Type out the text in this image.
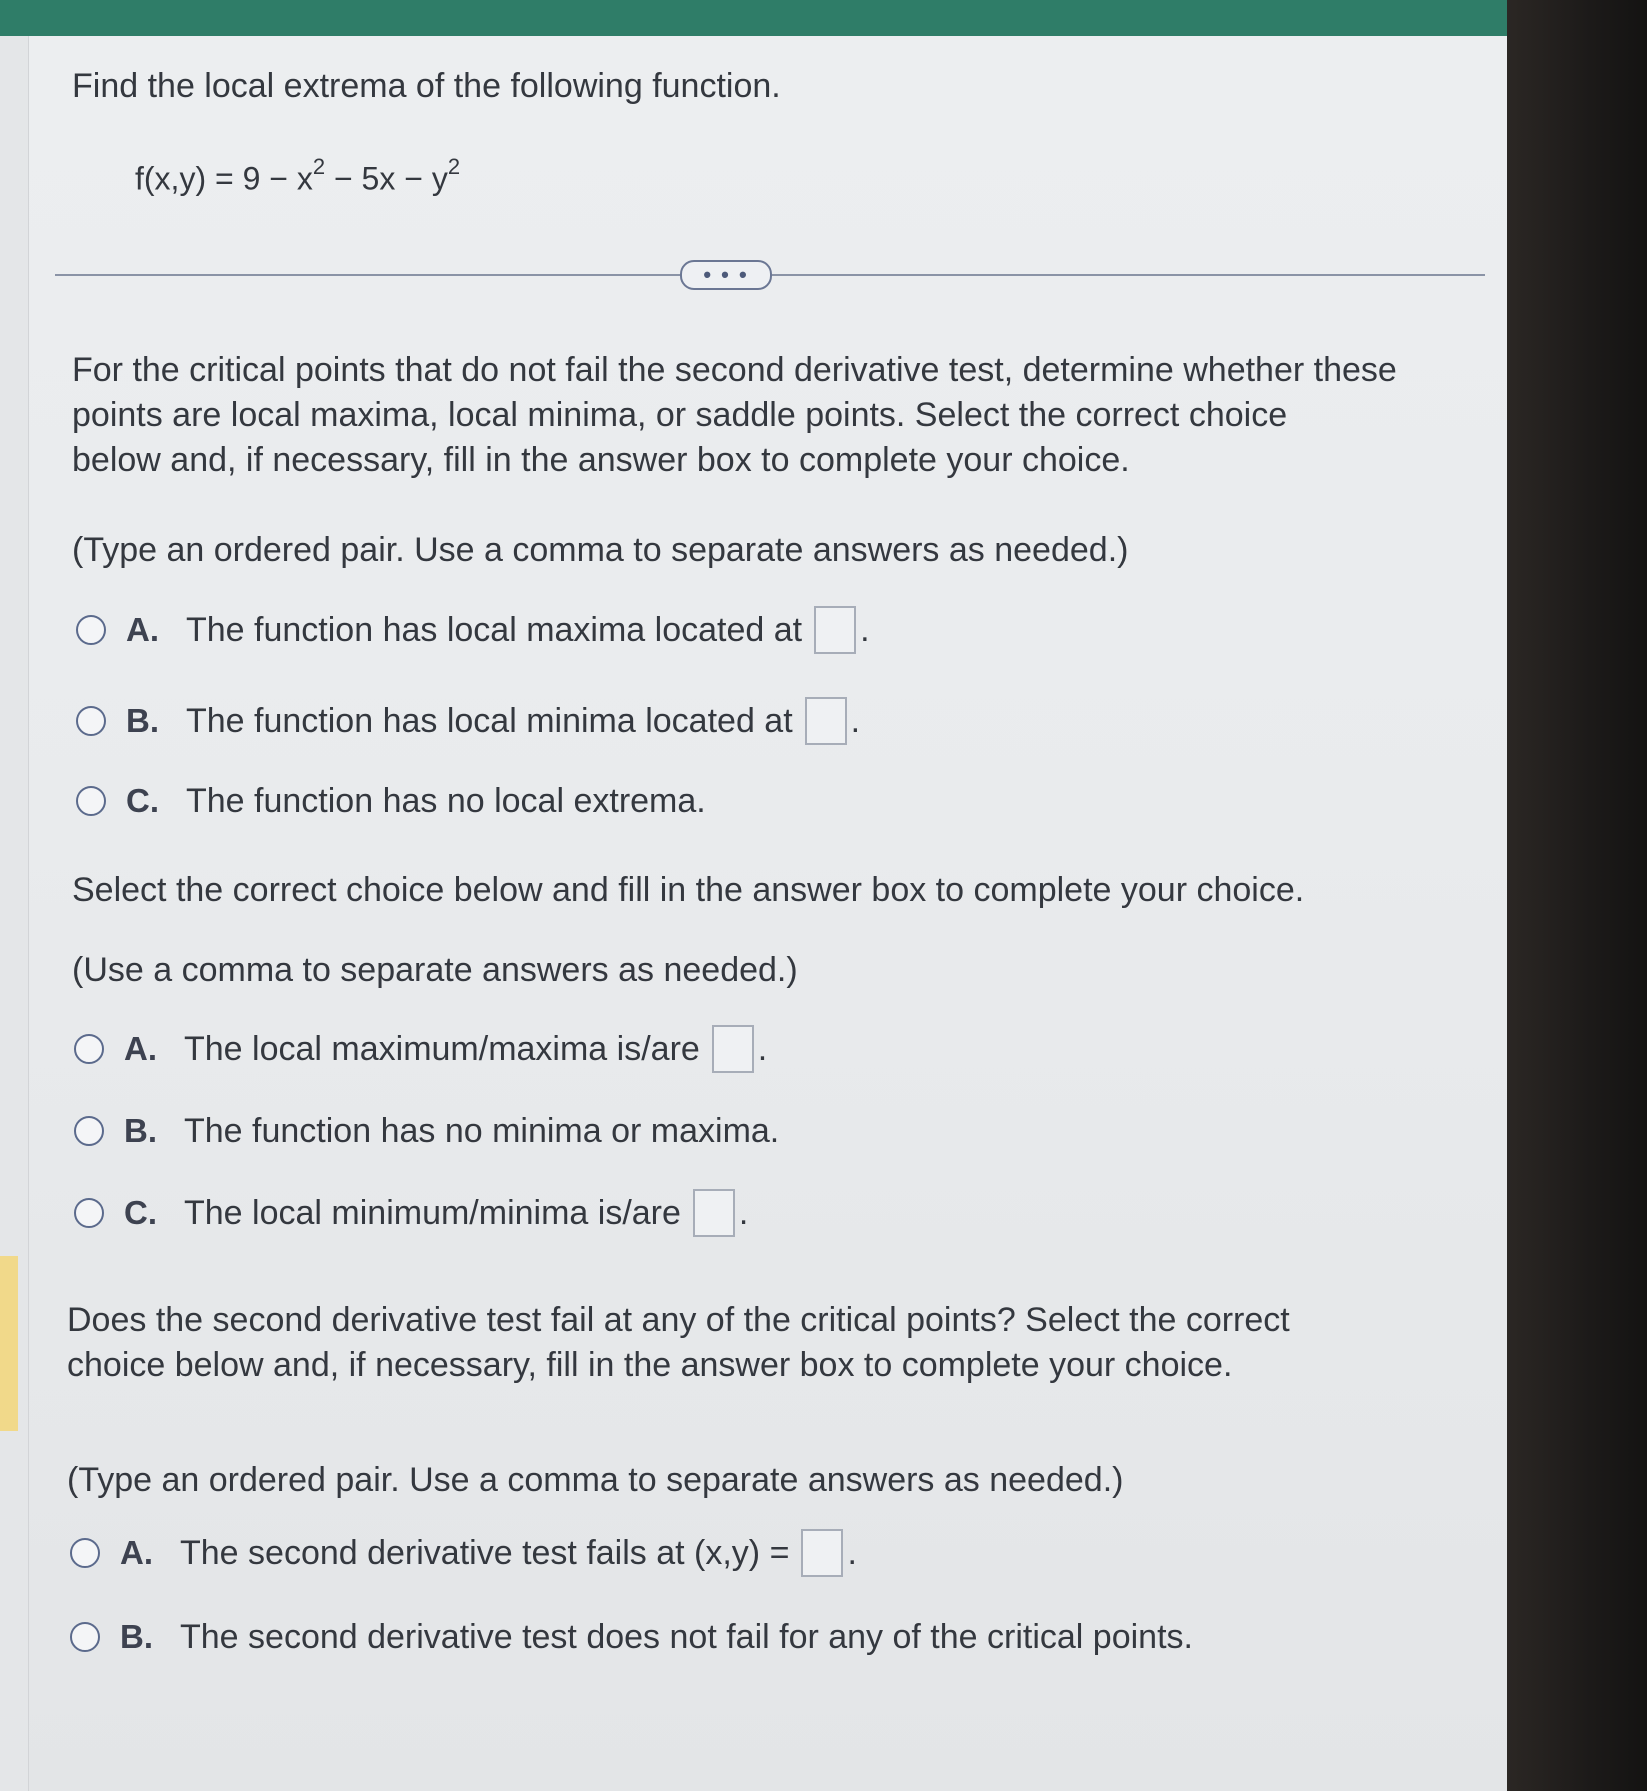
Find the local extrema of the following function.
$f(x,y) = 9 - x^2 - 5x - y^2$
• • •
For the critical points that do not fail the second derivative test, determine whether these
points are local maxima, local minima, or saddle points. Select the correct choice
below and, if necessary, fill in the answer box to complete your choice.
(Type an ordered pair. Use a comma to separate answers as needed.)
A. The function has local maxima located at .
B. The function has local minima located at .
C. The function has no local extrema.
Select the correct choice below and fill in the answer box to complete your choice.
(Use a comma to separate answers as needed.)
A. The local maximum/maxima is/are .
B. The function has no minima or maxima.
C. The local minimum/minima is/are .
Does the second derivative test fail at any of the critical points? Select the correct
choice below and, if necessary, fill in the answer box to complete your choice.
(Type an ordered pair. Use a comma to separate answers as needed.)
A. The second derivative test fails at (x,y) = .
B. The second derivative test does not fail for any of the critical points.
